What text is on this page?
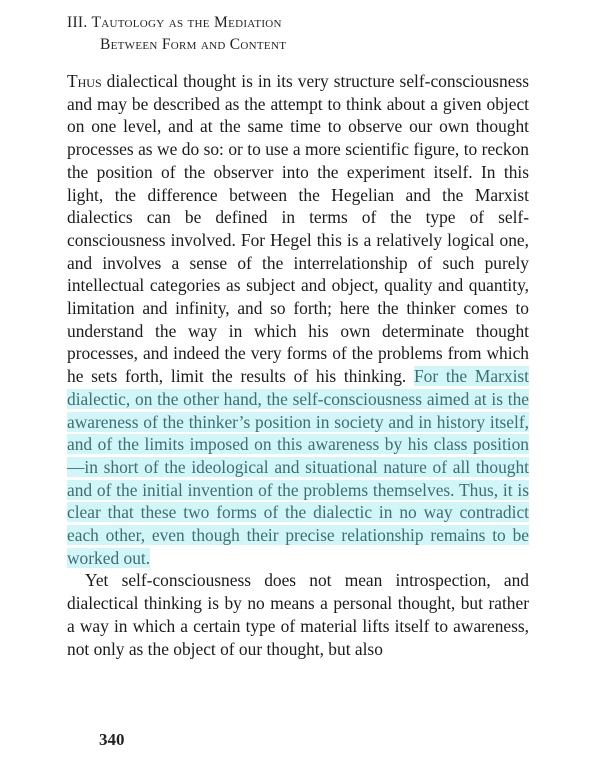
III. Tautology as the Mediation
Between Form and Content

Thus dialectical thought is in its very structure self-consciousness and may be described as the attempt to think about a given object on one level, and at the same time to observe our own thought processes as we do so: or to use a more scientific figure, to reckon the position of the observer into the experiment itself. In this light, the difference between the Hegelian and the Marxist dialectics can be defined in terms of the type of self-consciousness involved. For Hegel this is a relatively logical one, and involves a sense of the interrelationship of such purely intellectual categories as subject and object, quality and quantity, limitation and infinity, and so forth; here the thinker comes to understand the way in which his own determinate thought processes, and indeed the very forms of the problems from which he sets forth, limit the results of his thinking. For the Marxist dialectic, on the other hand, the self-consciousness aimed at is the awareness of the thinker’s position in society and in history itself, and of the limits imposed on this awareness by his class position—in short of the ideological and situational nature of all thought and of the initial invention of the problems themselves. Thus, it is clear that these two forms of the dialectic in no way contradict each other, even though their precise relationship remains to be worked out.

Yet self-consciousness does not mean introspection, and dialectical thinking is by no means a personal thought, but rather a way in which a certain type of material lifts itself to awareness, not only as the object of our thought, but also

340
